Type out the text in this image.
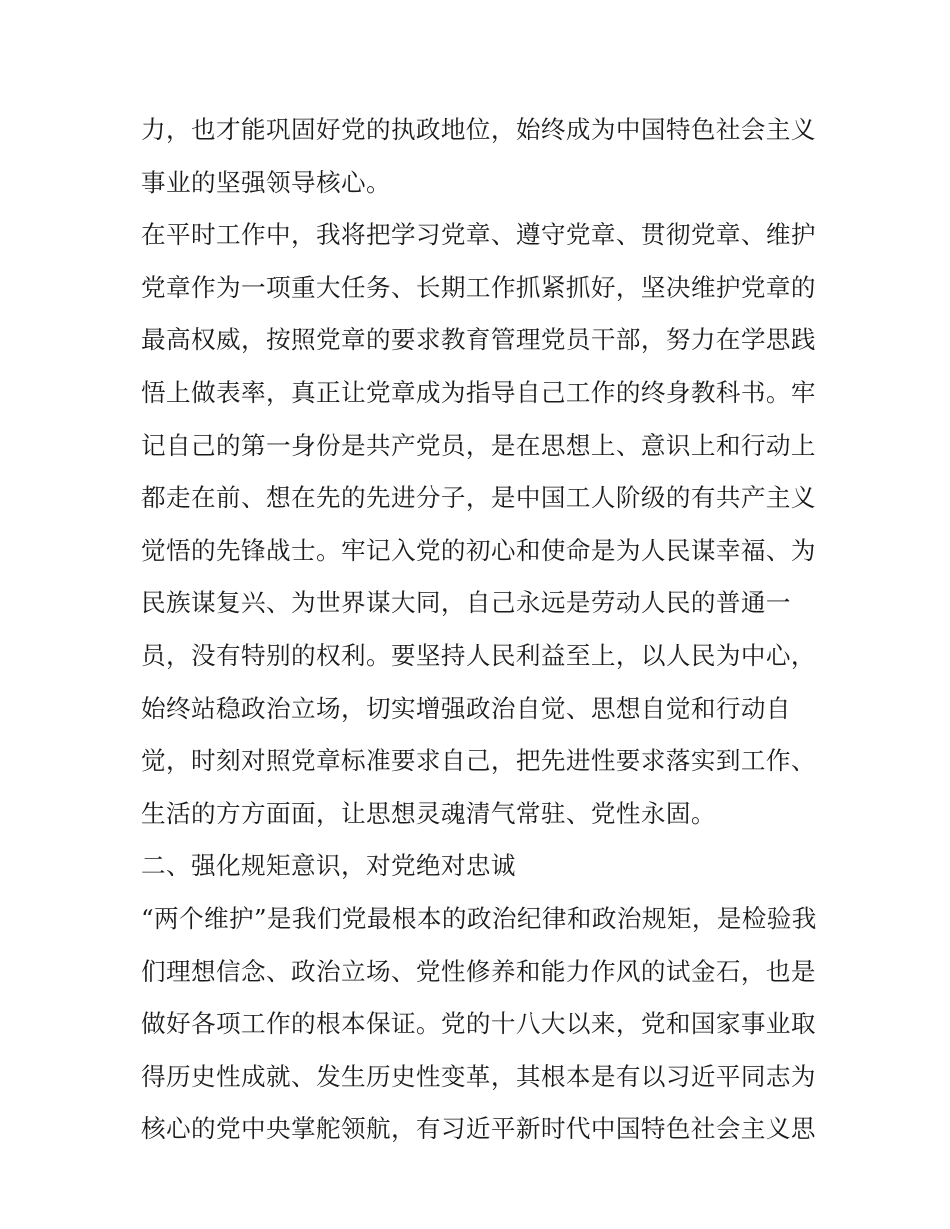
力，也才能巩固好党的执政地位，始终成为中国特色社会主义
事业的坚强领导核心。
在平时工作中，我将把学习党章、遵守党章、贯彻党章、维护
党章作为一项重大任务、长期工作抓紧抓好，坚决维护党章的
最高权威，按照党章的要求教育管理党员干部，努力在学思践
悟上做表率，真正让党章成为指导自己工作的终身教科书。牢
记自己的第一身份是共产党员，是在思想上、意识上和行动上
都走在前、想在先的先进分子，是中国工人阶级的有共产主义
觉悟的先锋战士。牢记入党的初心和使命是为人民谋幸福、为
民族谋复兴、为世界谋大同，自己永远是劳动人民的普通一
员，没有特别的权利。要坚持人民利益至上，以人民为中心，
始终站稳政治立场，切实增强政治自觉、思想自觉和行动自
觉，时刻对照党章标准要求自己，把先进性要求落实到工作、
生活的方方面面，让思想灵魂清气常驻、党性永固。
二、强化规矩意识，对党绝对忠诚
“两个维护”是我们党最根本的政治纪律和政治规矩，是检验我
们理想信念、政治立场、党性修养和能力作风的试金石，也是
做好各项工作的根本保证。党的十八大以来，党和国家事业取
得历史性成就、发生历史性变革，其根本是有以习近平同志为
核心的党中央掌舵领航，有习近平新时代中国特色社会主义思
